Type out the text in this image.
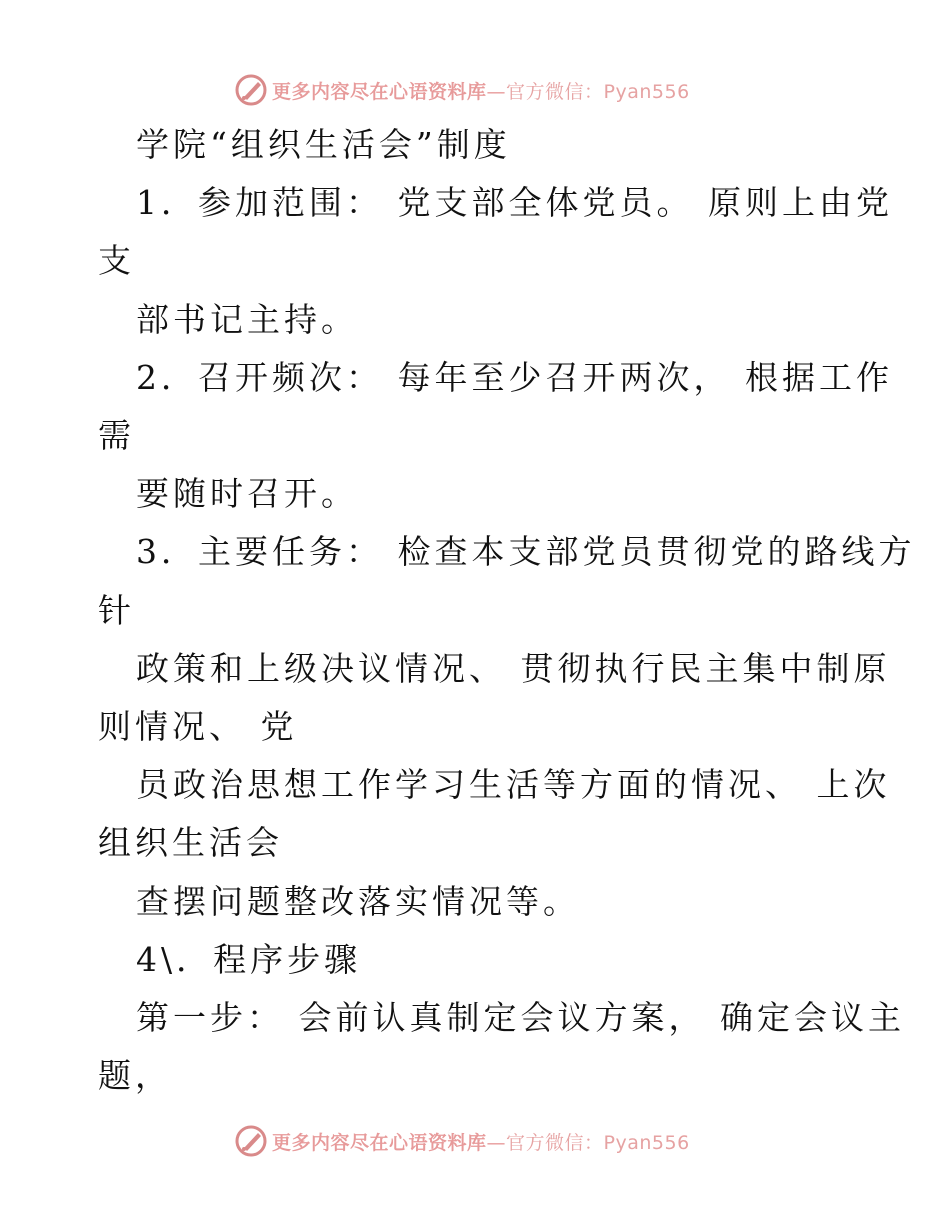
更多内容尽在心语资料库—官方微信：Pyan556
学院“组织生活会”制度
1．参加范围： 党支部全体党员。 原则上由党
支
部书记主持。
2．召开频次： 每年至少召开两次， 根据工作
需
要随时召开。
3．主要任务： 检查本支部党员贯彻党的路线方
针
政策和上级决议情况、 贯彻执行民主集中制原
则情况、 党
员政治思想工作学习生活等方面的情况、 上次
组织生活会
查摆问题整改落实情况等。
4\．程序步骤
第一步： 会前认真制定会议方案， 确定会议主
题，
更多内容尽在心语资料库—官方微信：Pyan556
